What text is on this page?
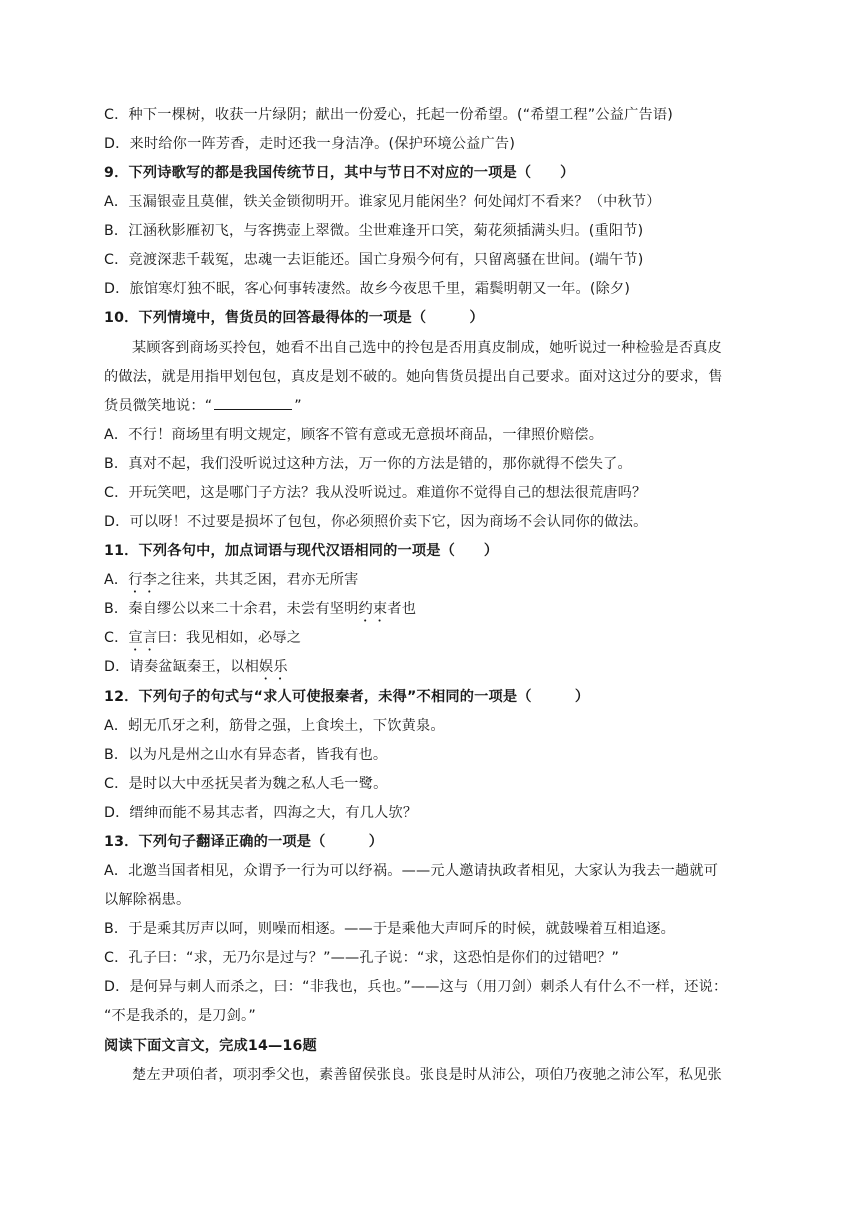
C．种下一棵树，收获一片绿阴；献出一份爱心，托起一份希望。(“希望工程”公益广告语)
D．来时给你一阵芳香，走时还我一身洁净。(保护环境公益广告)
9．下列诗歌写的都是我国传统节日，其中与节日不对应的一项是（　　）
A．玉漏银壶且莫催，铁关金锁彻明开。谁家见月能闲坐？何处闻灯不看来？（中秋节）
B．江涵秋影雁初飞，与客携壶上翠微。尘世难逢开口笑，菊花须插满头归。(重阳节)
C．竞渡深悲千载冤，忠魂一去讵能还。国亡身殒今何有，只留离骚在世间。(端午节)
D．旅馆寒灯独不眠，客心何事转凄然。故乡今夜思千里，霜鬓明朝又一年。(除夕)
10．下列情境中，售货员的回答最得体的一项是（　　　）
某顾客到商场买拎包，她看不出自己选中的拎包是否用真皮制成，她听说过一种检验是否真皮
的做法，就是用指甲划包包，真皮是划不破的。她向售货员提出自己要求。面对这过分的要求，售
货员微笑地说：“	”
A．不行！商场里有明文规定，顾客不管有意或无意损坏商品，一律照价赔偿。
B．真对不起，我们没听说过这种方法，万一你的方法是错的，那你就得不偿失了。
C．开玩笑吧，这是哪门子方法？我从没听说过。难道你不觉得自己的想法很荒唐吗？
D．可以呀！不过要是损坏了包包，你必须照价卖下它，因为商场不会认同你的做法。
11．下列各句中，加点词语与现代汉语相同的一项是（　　）
A．行李之往来，共其乏困，君亦无所害
B．秦自缪公以来二十余君，未尝有坚明约束者也
C．宣言曰：我见相如，必辱之
D．请奏盆缻秦王，以相娱乐
12．下列句子的句式与“求人可使报秦者，未得”不相同的一项是（　　　）
A．蚓无爪牙之利，筋骨之强，上食埃土，下饮黄泉。
B．以为凡是州之山水有异态者，皆我有也。
C．是时以大中丞抚吴者为魏之私人毛一鹭。
D．缙绅而能不易其志者，四海之大，有几人欤？
13．下列句子翻译正确的一项是（　　　）
A．北邀当国者相见，众谓予一行为可以纾祸。——元人邀请执政者相见，大家认为我去一趟就可
以解除祸患。
B．于是乘其厉声以呵，则噪而相逐。——于是乘他大声呵斥的时候，就鼓噪着互相追逐。
C．孔子曰：“求，无乃尔是过与？”——孔子说：“求，这恐怕是你们的过错吧？”
D．是何异与刺人而杀之，曰：“非我也，兵也。”——这与（用刀剑）刺杀人有什么不一样，还说：
“不是我杀的，是刀剑。”
阅读下面文言文，完成14—16题
楚左尹项伯者，项羽季父也，素善留侯张良。张良是时从沛公，项伯乃夜驰之沛公军，私见张
